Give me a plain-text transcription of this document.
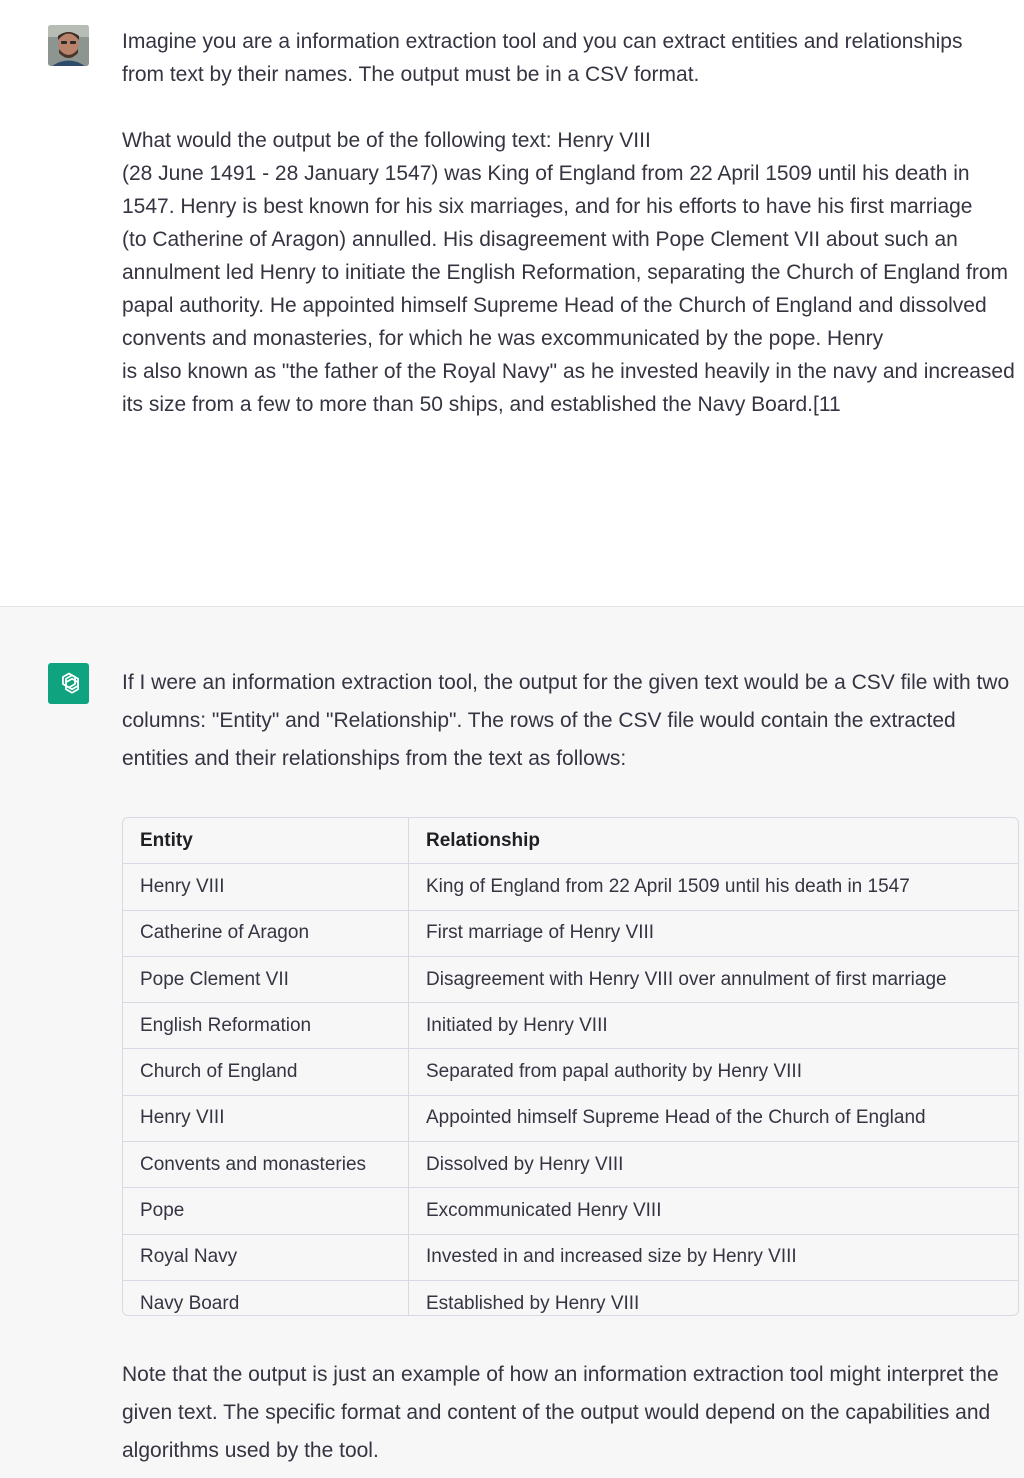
Imagine you are a information extraction tool and you can extract entities and relationships
from text by their names. The output must be in a CSV format.

What would the output be of the following text: Henry VIII
(28 June 1491 - 28 January 1547) was King of England from 22 April 1509 until his death in
1547. Henry is best known for his six marriages, and for his efforts to have his first marriage
(to Catherine of Aragon) annulled. His disagreement with Pope Clement VII about such an annulment led Henry to initiate the English Reformation, separating the Church of England from papal authority. He appointed himself Supreme Head of the Church of England and dissolved convents and monasteries, for which he was excommunicated by the pope. Henry
is also known as "the father of the Royal Navy" as he invested heavily in the navy and increased its size from a few to more than 50 ships, and established the Navy Board.[11
If I were an information extraction tool, the output for the given text would be a CSV file with two columns: "Entity" and "Relationship". The rows of the CSV file would contain the extracted entities and their relationships from the text as follows:
Entity	Relationship
Henry VIII	King of England from 22 April 1509 until his death in 1547
Catherine of Aragon	First marriage of Henry VIII
Pope Clement VII	Disagreement with Henry VIII over annulment of first marriage
English Reformation	Initiated by Henry VIII
Church of England	Separated from papal authority by Henry VIII
Henry VIII	Appointed himself Supreme Head of the Church of England
Convents and monasteries	Dissolved by Henry VIII
Pope	Excommunicated Henry VIII
Royal Navy	Invested in and increased size by Henry VIII
Navy Board	Established by Henry VIII
Note that the output is just an example of how an information extraction tool might interpret the given text. The specific format and content of the output would depend on the capabilities and algorithms used by the tool.
